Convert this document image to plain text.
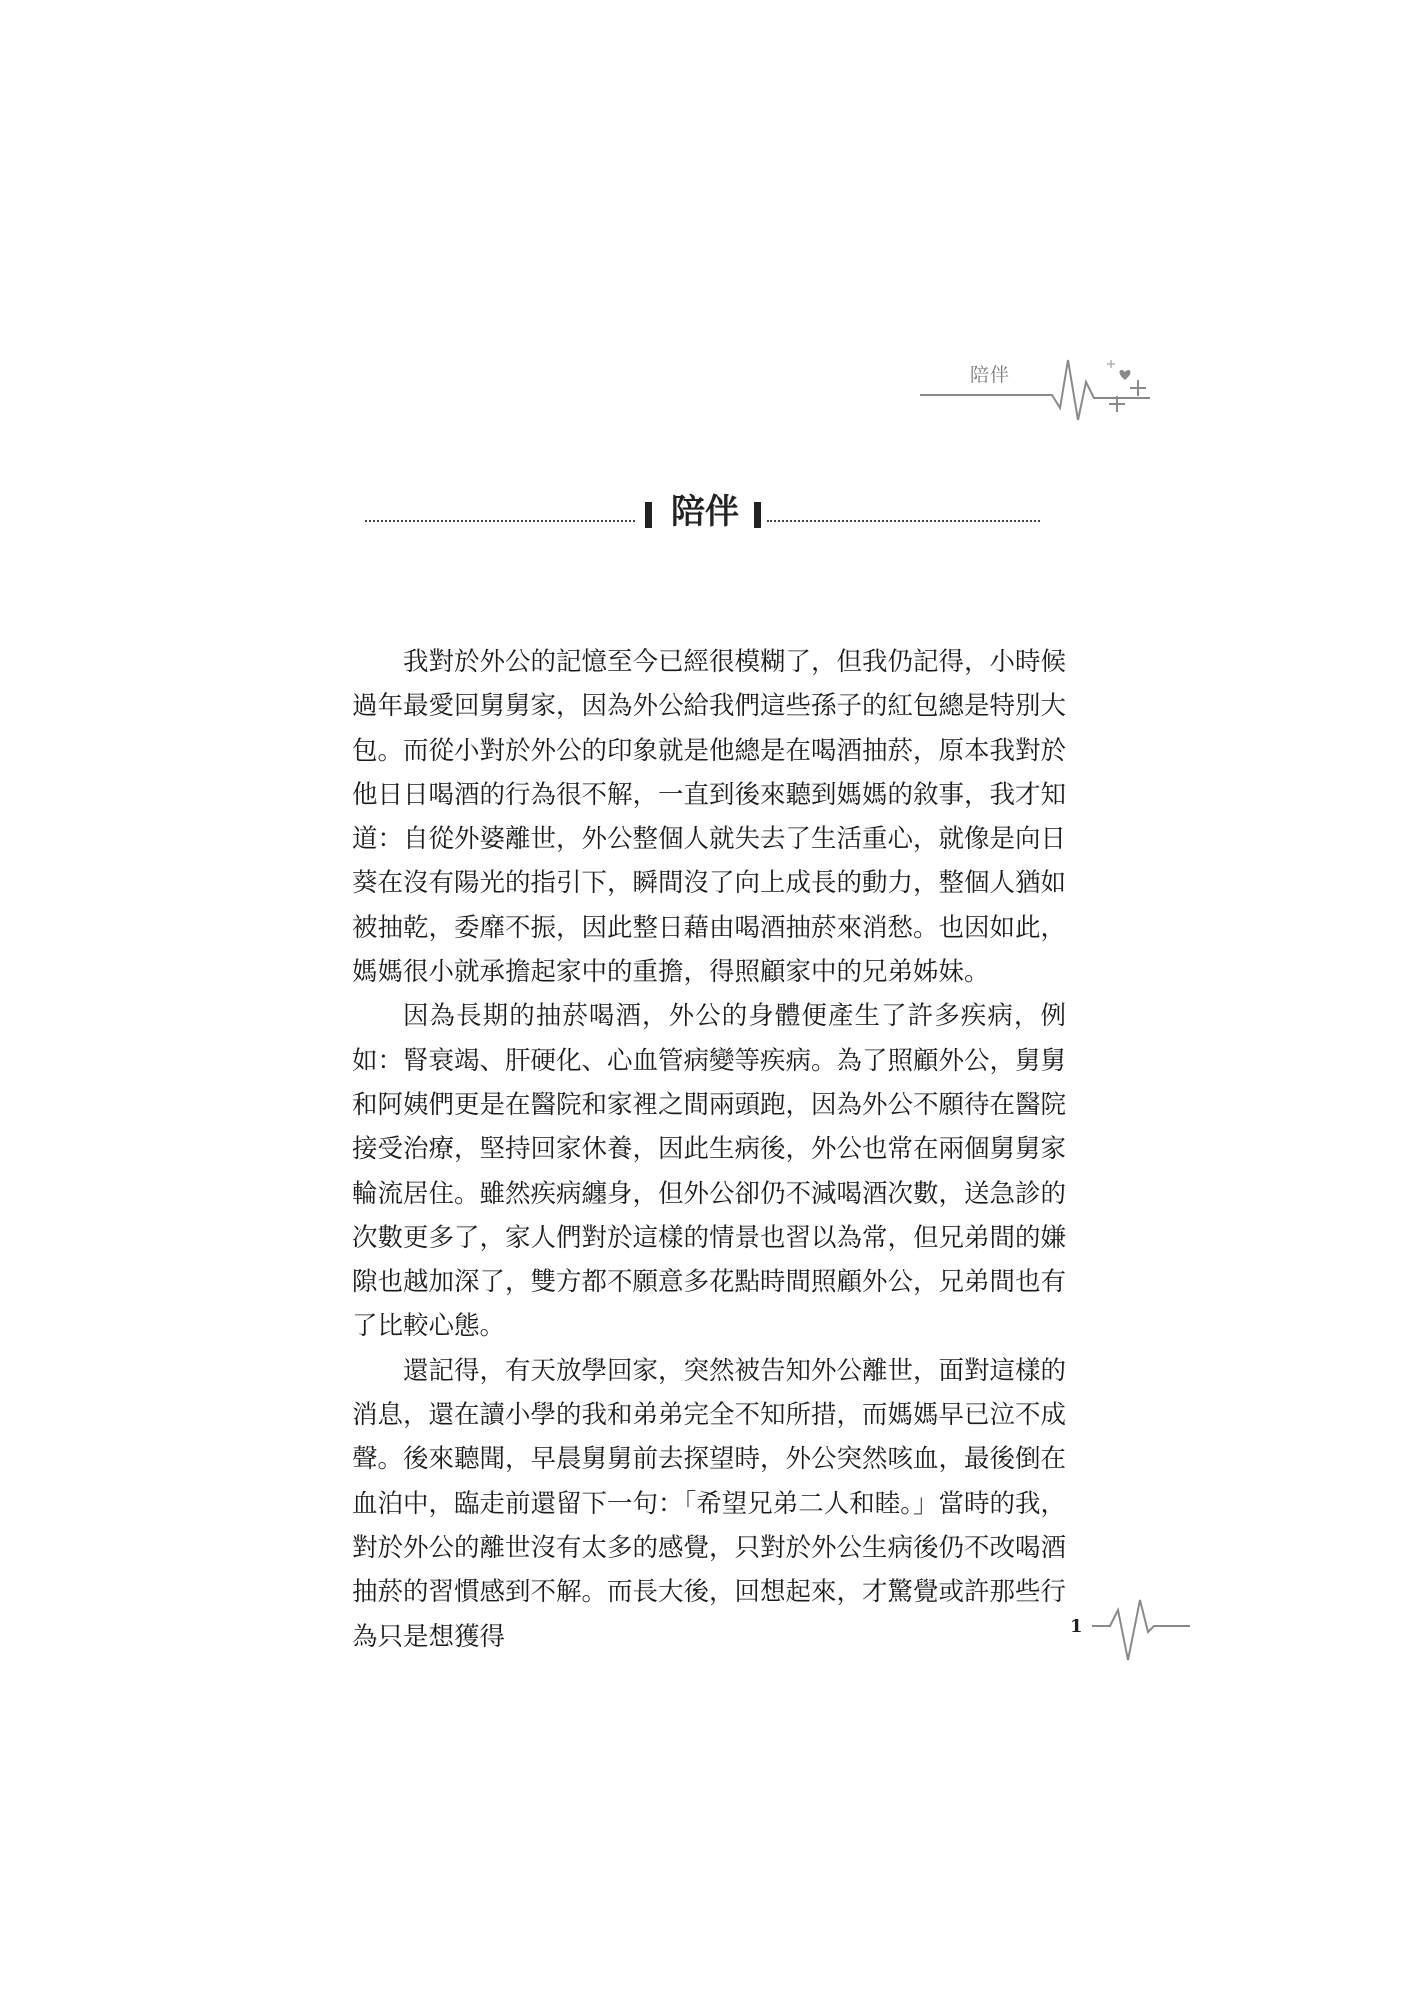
陪伴
陪伴

我對於外公的記憶至今已經很模糊了，但我仍記得，小時候過年最愛回舅舅家，因為外公給我們這些孫子的紅包總是特別大包。而從小對於外公的印象就是他總是在喝酒抽菸，原本我對於他日日喝酒的行為很不解，一直到後來聽到媽媽的敘事，我才知道：自從外婆離世，外公整個人就失去了生活重心，就像是向日葵在沒有陽光的指引下，瞬間沒了向上成長的動力，整個人猶如被抽乾，委靡不振，因此整日藉由喝酒抽菸來消愁。也因如此，媽媽很小就承擔起家中的重擔，得照顧家中的兄弟姊妹。

因為長期的抽菸喝酒，外公的身體便產生了許多疾病，例如：腎衰竭、肝硬化、心血管病變等疾病。為了照顧外公，舅舅和阿姨們更是在醫院和家裡之間兩頭跑，因為外公不願待在醫院接受治療，堅持回家休養，因此生病後，外公也常在兩個舅舅家輪流居住。雖然疾病纏身，但外公卻仍不減喝酒次數，送急診的次數更多了，家人們對於這樣的情景也習以為常，但兄弟間的嫌隙也越加深了，雙方都不願意多花點時間照顧外公，兄弟間也有了比較心態。

還記得，有天放學回家，突然被告知外公離世，面對這樣的消息，還在讀小學的我和弟弟完全不知所措，而媽媽早已泣不成聲。後來聽聞，早晨舅舅前去探望時，外公突然咳血，最後倒在血泊中，臨走前還留下一句：「希望兄弟二人和睦。」當時的我，對於外公的離世沒有太多的感覺，只對於外公生病後仍不改喝酒抽菸的習慣感到不解。而長大後，回想起來，才驚覺或許那些行為只是想獲得	1
